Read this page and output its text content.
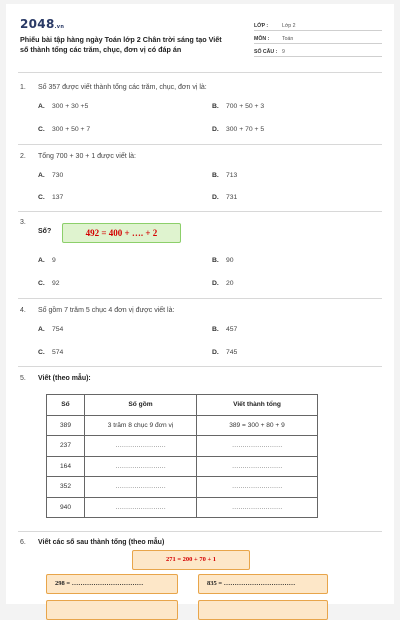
2048.vn
Phiếu bài tập hàng ngày Toán lớp 2 Chân trời sáng tạo Viết
số thành tổng các trăm, chục, đơn vị có đáp án
LỚP :	Lớp 2
MÔN :	Toán
SỐ CÂU : 9
1.	Số 357 được viết thành tổng các trăm, chục, đơn vị là:
A. 300 + 30 +5	B. 700 + 50 + 3
C. 300 + 50 + 7	D. 300 + 70 + 5
2.	Tổng 700 + 30 + 1 được viết là:
A. 730	B. 713
C. 137	D. 731
3.
Số?	492 = 400 + …. + 2
A. 9	B. 90
C. 92	D. 20
4.	Số gồm 7 trăm 5 chục 4 đơn vị được viết là:
A. 754	B. 457
C. 574	D. 745
5.	Viết (theo mẫu):
Số	Số gồm	Viết thành tổng
389	3 trăm 8 chục 9 đơn vị	389 = 300 + 80 + 9
237	……………………	……………………
164	……………………	……………………
352	……………………	……………………
940	……………………	……………………
6.	Viết các số sau thành tổng (theo mẫu)
271 = 200 + 70 + 1
298 = ……………………………	835 = ……………………………
